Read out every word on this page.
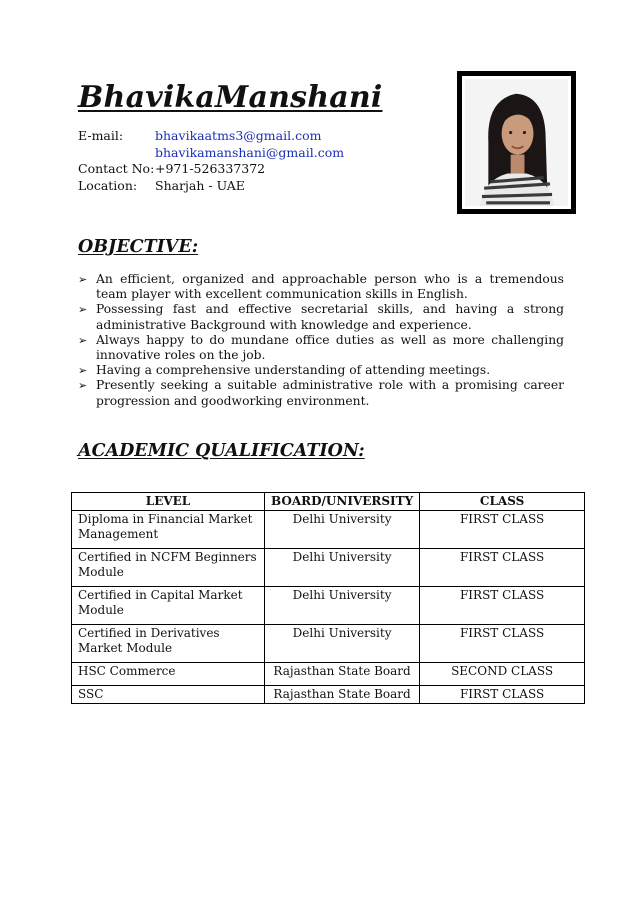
BhavikaManshani
E-mail:	bhavikaatms3@gmail.com
bhavikamanshani@gmail.com
Contact No: +971-526337372
Location:	Sharjah - UAE
OBJECTIVE:
➢ An efficient, organized and approachable person who is a tremendous team player with excellent communication skills in English.
➢ Possessing fast and effective secretarial skills, and having a strong administrative Background with knowledge and experience.
➢ Always happy to do mundane office duties as well as more challenging innovative roles on the job.
➢ Having a comprehensive understanding of attending meetings.
➢ Presently seeking a suitable administrative role with a promising career progression and goodworking environment.
ACADEMIC QUALIFICATION:
LEVEL	BOARD/UNIVERSITY	CLASS
Diploma in Financial Market Management	Delhi University	FIRST CLASS
Certified in NCFM Beginners Module	Delhi University	FIRST CLASS
Certified in Capital Market Module	Delhi University	FIRST CLASS
Certified in Derivatives Market Module	Delhi University	FIRST CLASS
HSC Commerce	Rajasthan State Board	SECOND CLASS
SSC	Rajasthan State Board	FIRST CLASS
